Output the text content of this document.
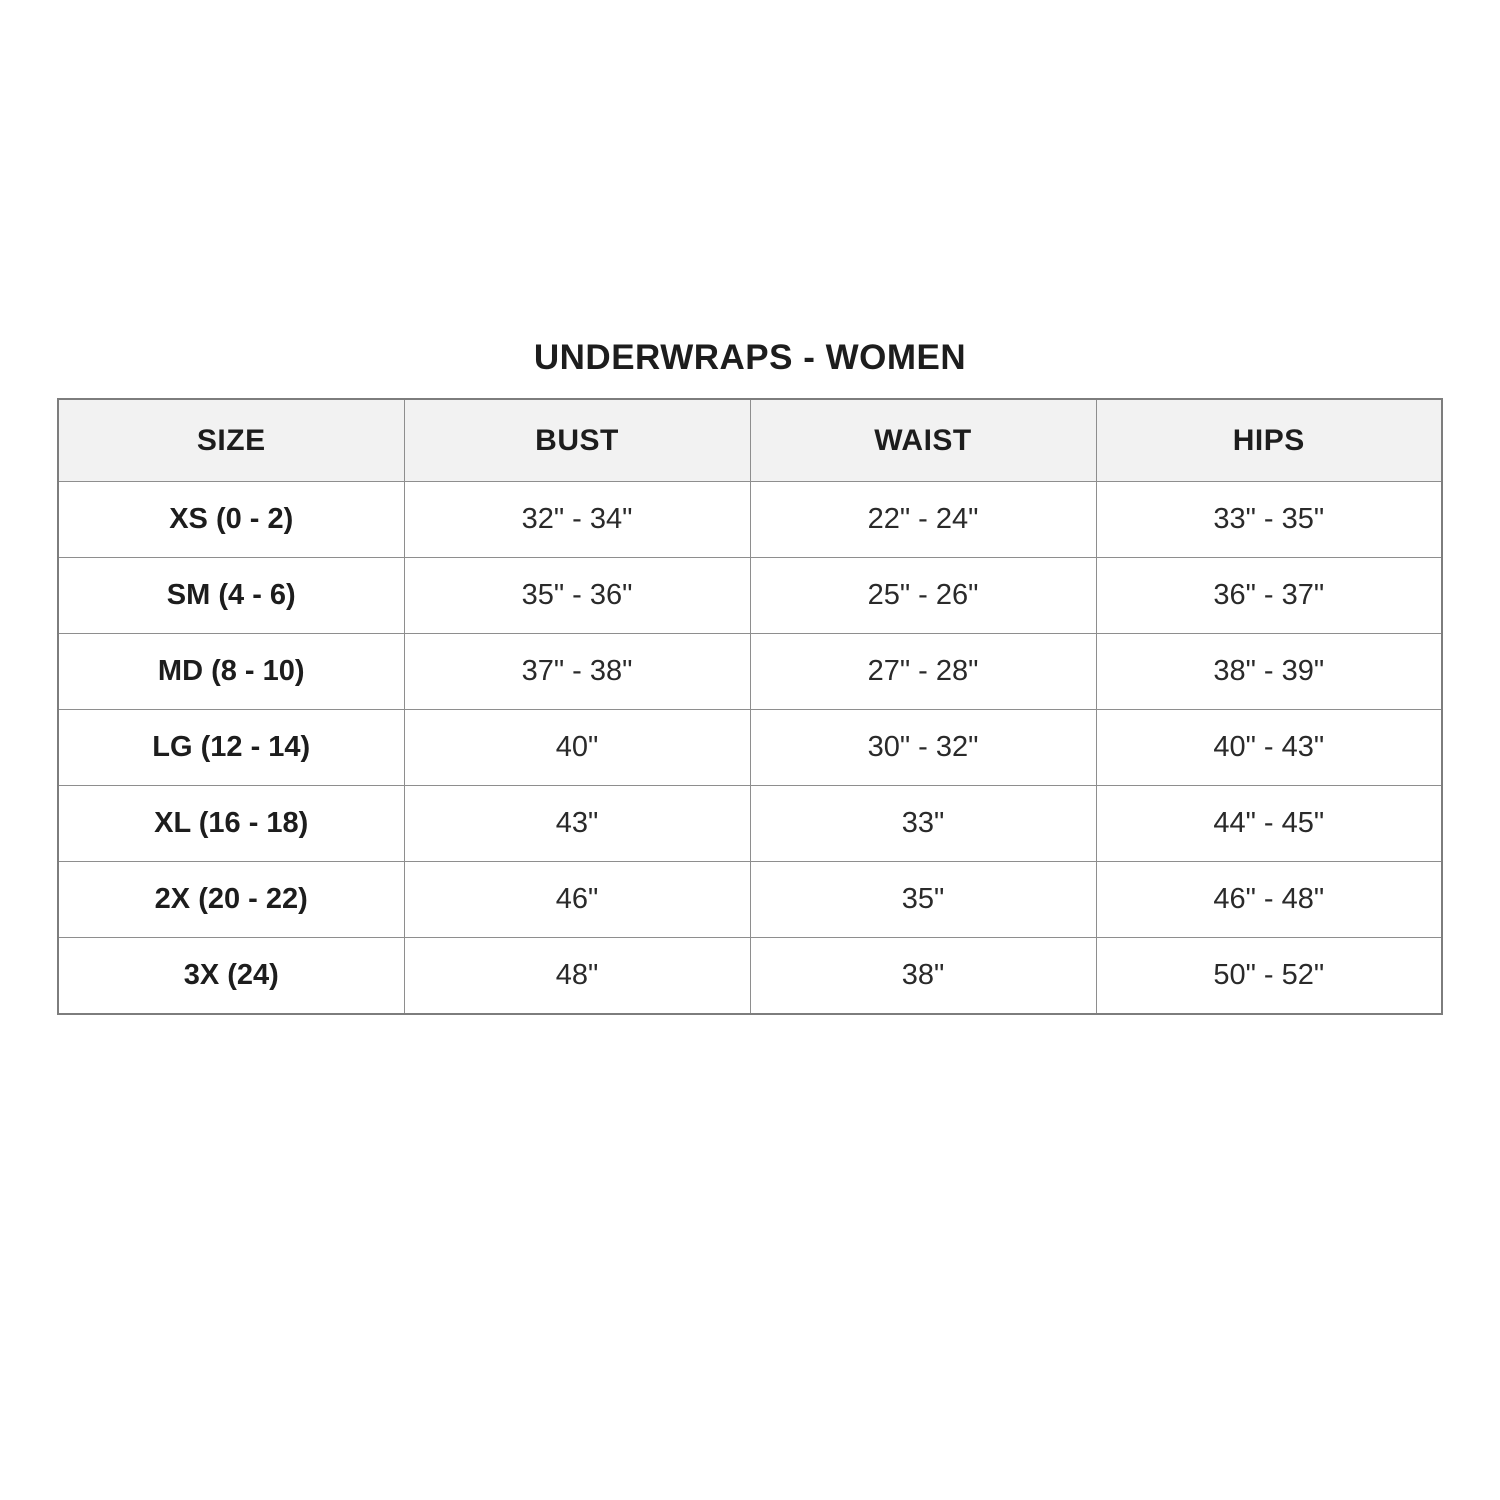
UNDERWRAPS - WOMEN
SIZE	BUST	WAIST	HIPS
XS (0 - 2)	32" - 34"	22" - 24"	33" - 35"
SM (4 - 6)	35" - 36"	25" - 26"	36" - 37"
MD (8 - 10)	37" - 38"	27" - 28"	38" - 39"
LG (12 - 14)	40"	30" - 32"	40" - 43"
XL (16 - 18)	43"	33"	44" - 45"
2X (20 - 22)	46"	35"	46" - 48"
3X (24)	48"	38"	50" - 52"
